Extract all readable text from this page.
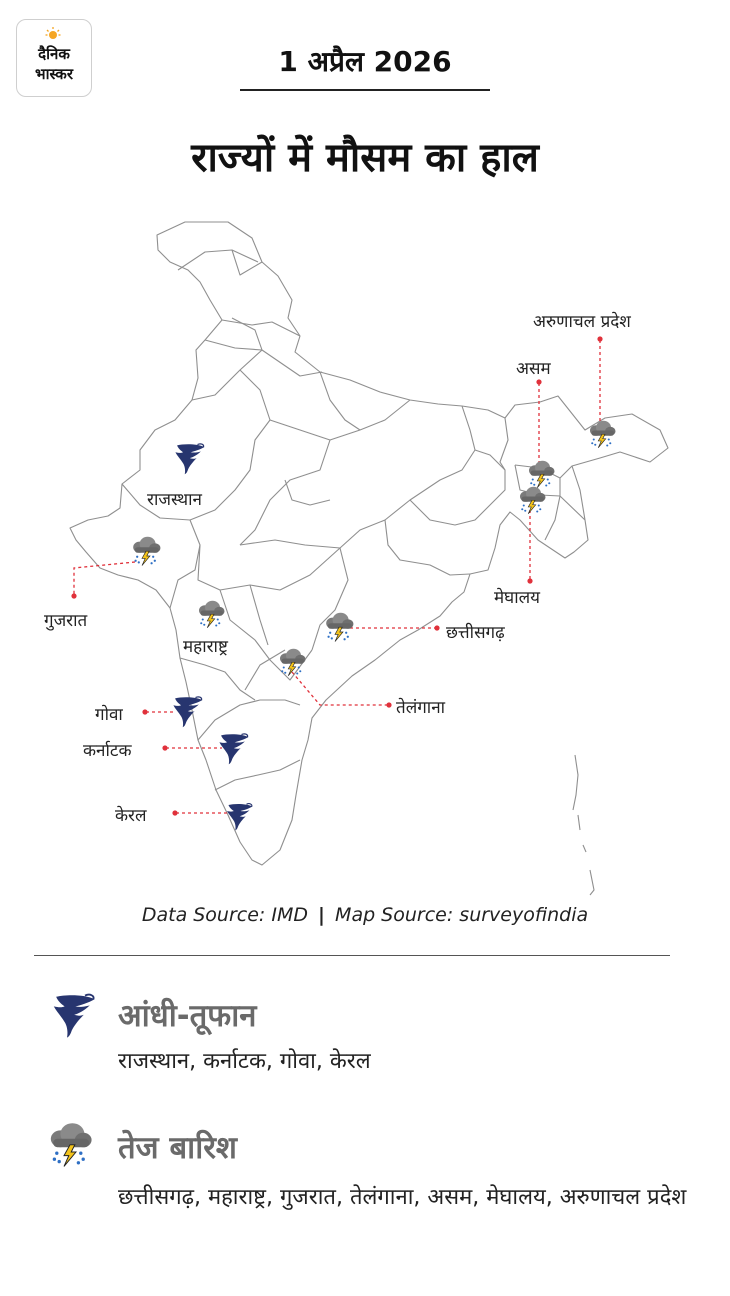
दैनिक
भास्कर	1 अप्रैल 2026
राज्यों में मौसम का हाल
अरुणाचल प्रदेश
असम
राजस्थान
गुजरात
मेघालय
महाराष्ट्र
छत्तीसगढ़
तेलंगाना
गोवा
कर्नाटक
केरल
Data Source: IMD | Map Source: surveyofindia
आंधी-तूफान
राजस्थान, कर्नाटक, गोवा, केरल
तेज बारिश
छत्तीसगढ़, महाराष्ट्र, गुजरात, तेलंगाना, असम, मेघालय, अरुणाचल प्रदेश
